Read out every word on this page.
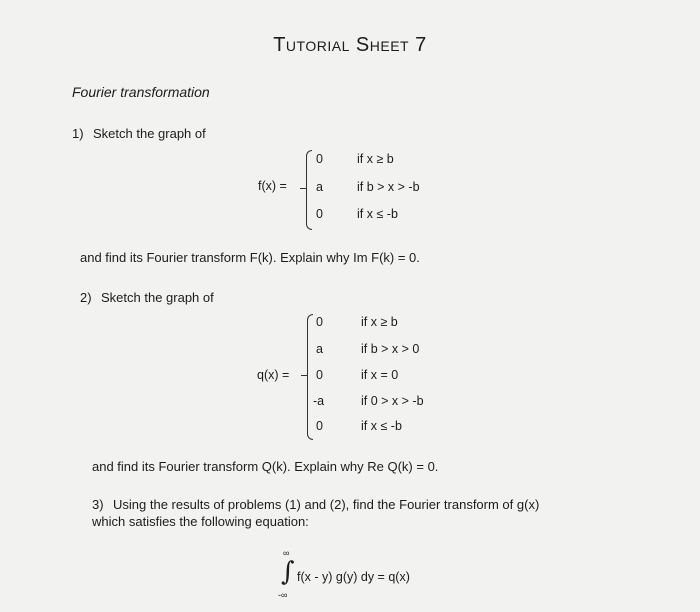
Tutorial Sheet 7
Fourier transformation
1) Sketch the graph of
f(x) =
0	if x ≥ b
a	if b > x > -b
0	if x ≤ -b
and find its Fourier transform F(k). Explain why Im F(k) = 0.
2) Sketch the graph of
q(x) =
0	if x ≥ b
a	if b > x > 0
0	if x = 0
-a	if 0 > x > -b
0	if x ≤ -b
and find its Fourier transform Q(k). Explain why Re Q(k) = 0.
3) Using the results of problems (1) and (2), find the Fourier transform of g(x)
which satisfies the following equation:
∞
∫
-∞
f(x - y) g(y) dy = q(x)
